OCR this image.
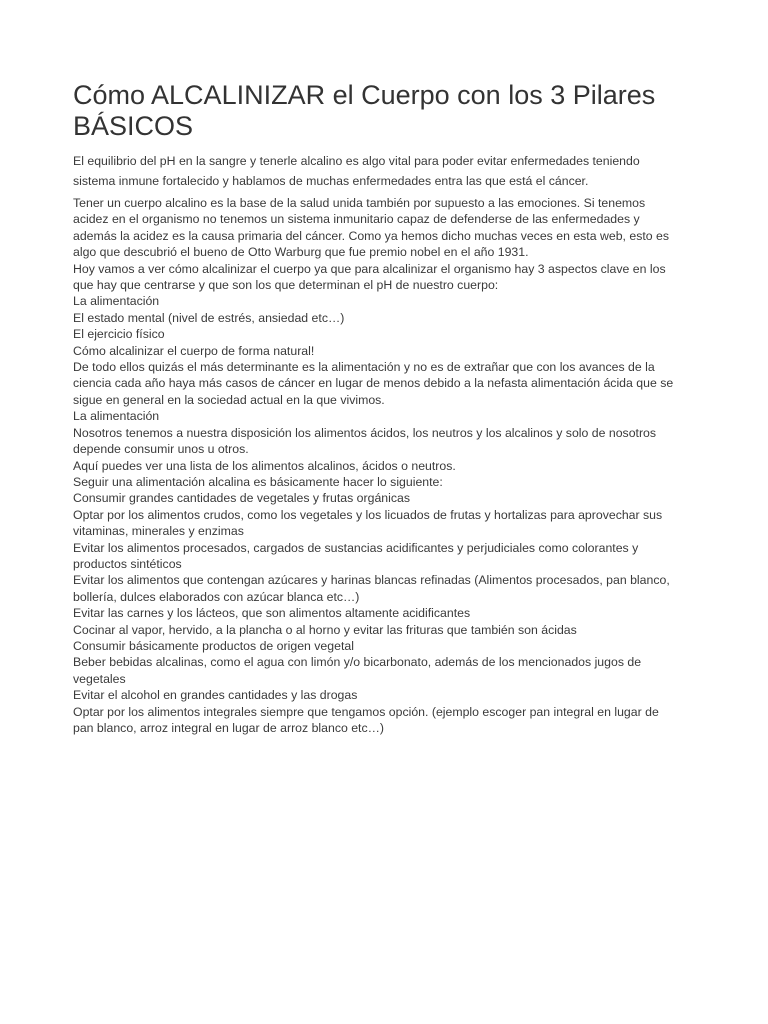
Cómo ALCALINIZAR el Cuerpo con los 3 Pilares
BÁSICOS

El equilibrio del pH en la sangre y tenerle alcalino es algo vital para poder evitar enfermedades teniendo
sistema inmune fortalecido y hablamos de muchas enfermedades entra las que está el cáncer.

Tener un cuerpo alcalino es la base de la salud unida también por supuesto a las emociones. Si tenemos

acidez en el organismo no tenemos un sistema inmunitario capaz de defenderse de las enfermedades y

además la acidez es la causa primaria del cáncer. Como ya hemos dicho muchas veces en esta web, esto es

algo que descubrió el bueno de Otto Warburg que fue premio nobel en el año 1931.

Hoy vamos a ver cómo alcalinizar el cuerpo ya que para alcalinizar el organismo hay 3 aspectos clave en los

que hay que centrarse y que son los que determinan el pH de nuestro cuerpo:

La alimentación

El estado mental (nivel de estrés, ansiedad etc…)

El ejercicio físico

Cómo alcalinizar el cuerpo de forma natural!

De todo ellos quizás el más determinante es la alimentación y no es de extrañar que con los avances de la

ciencia cada año haya más casos de cáncer en lugar de menos debido a la nefasta alimentación ácida que se

sigue en general en la sociedad actual en la que vivimos.

La alimentación

Nosotros tenemos a nuestra disposición los alimentos ácidos, los neutros y los alcalinos y solo de nosotros

depende consumir unos u otros.

Aquí puedes ver una lista de los alimentos alcalinos, ácidos o neutros.

Seguir una alimentación alcalina es básicamente hacer lo siguiente:

Consumir grandes cantidades de vegetales y frutas orgánicas

Optar por los alimentos crudos, como los vegetales y los licuados de frutas y hortalizas para aprovechar sus

vitaminas, minerales y enzimas

Evitar los alimentos procesados, cargados de sustancias acidificantes y perjudiciales como colorantes y

productos sintéticos

Evitar los alimentos que contengan azúcares y harinas blancas refinadas (Alimentos procesados, pan blanco,

bollería, dulces elaborados con azúcar blanca etc…)

Evitar las carnes y los lácteos, que son alimentos altamente acidificantes

Cocinar al vapor, hervido, a la plancha o al horno y evitar las frituras que también son ácidas

Consumir básicamente productos de origen vegetal

Beber bebidas alcalinas, como el agua con limón y/o bicarbonato, además de los mencionados jugos de

vegetales

Evitar el alcohol en grandes cantidades y las drogas

Optar por los alimentos integrales siempre que tengamos opción. (ejemplo escoger pan integral en lugar de

pan blanco, arroz integral en lugar de arroz blanco etc…)
